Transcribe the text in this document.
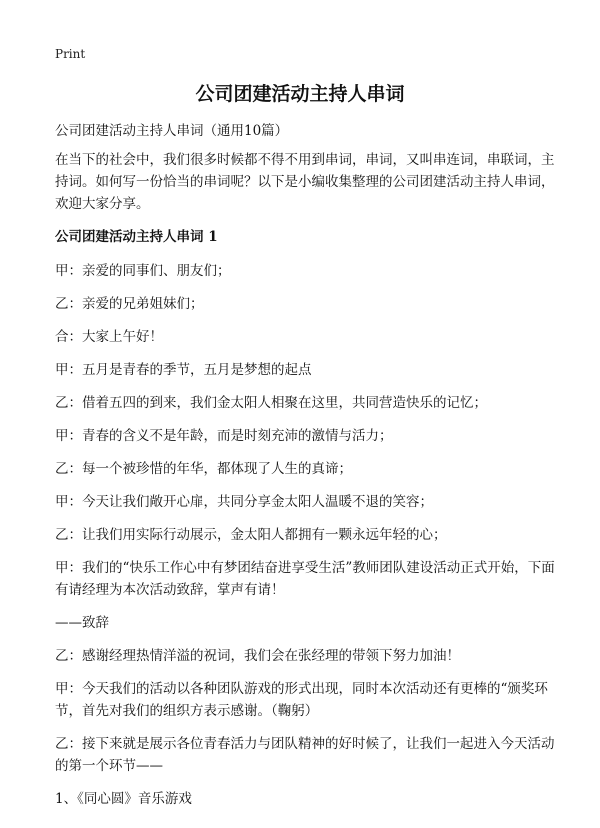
Print
公司团建活动主持人串词

公司团建活动主持人串词（通用10篇）

在当下的社会中，我们很多时候都不得不用到串词，串词，又叫串连词，串联词，主持词。如何写一份恰当的串词呢？以下是小编收集整理的公司团建活动主持人串词，欢迎大家分享。

公司团建活动主持人串词 1

甲：亲爱的同事们、朋友们；

乙：亲爱的兄弟姐妹们；

合：大家上午好！

甲：五月是青春的季节，五月是梦想的起点

乙：借着五四的到来，我们金太阳人相聚在这里，共同营造快乐的记忆；

甲：青春的含义不是年龄，而是时刻充沛的激情与活力；

乙：每一个被珍惜的年华，都体现了人生的真谛；

甲：今天让我们敞开心扉，共同分享金太阳人温暖不退的笑容；

乙：让我们用实际行动展示，金太阳人都拥有一颗永远年轻的心；

甲：我们的“快乐工作心中有梦团结奋进享受生活”教师团队建设活动正式开始，下面有请经理为本次活动致辞，掌声有请！

——致辞

乙：感谢经理热情洋溢的祝词，我们会在张经理的带领下努力加油！

甲：今天我们的活动以各种团队游戏的形式出现，同时本次活动还有更棒的“颁奖环节，首先对我们的组织方表示感谢。（鞠躬）

乙：接下来就是展示各位青春活力与团队精神的好时候了，让我们一起进入今天活动的第一个环节——

1、《同心圆》音乐游戏
